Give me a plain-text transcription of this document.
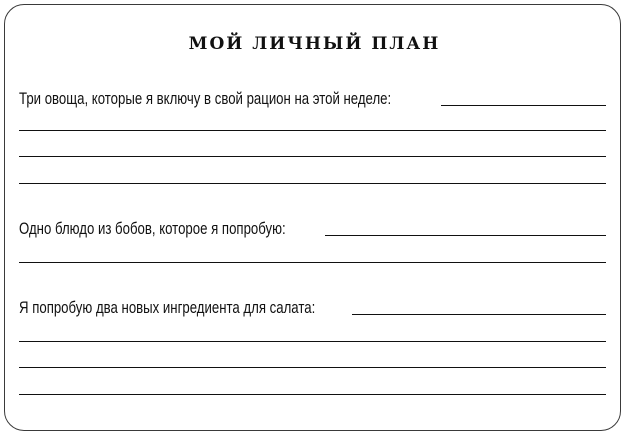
МОЙ ЛИЧНЫЙ ПЛАН
Три овоща, которые я включу в свой рацион на этой неделе:
Одно блюдо из бобов, которое я попробую:
Я попробую два новых ингредиента для салата:
